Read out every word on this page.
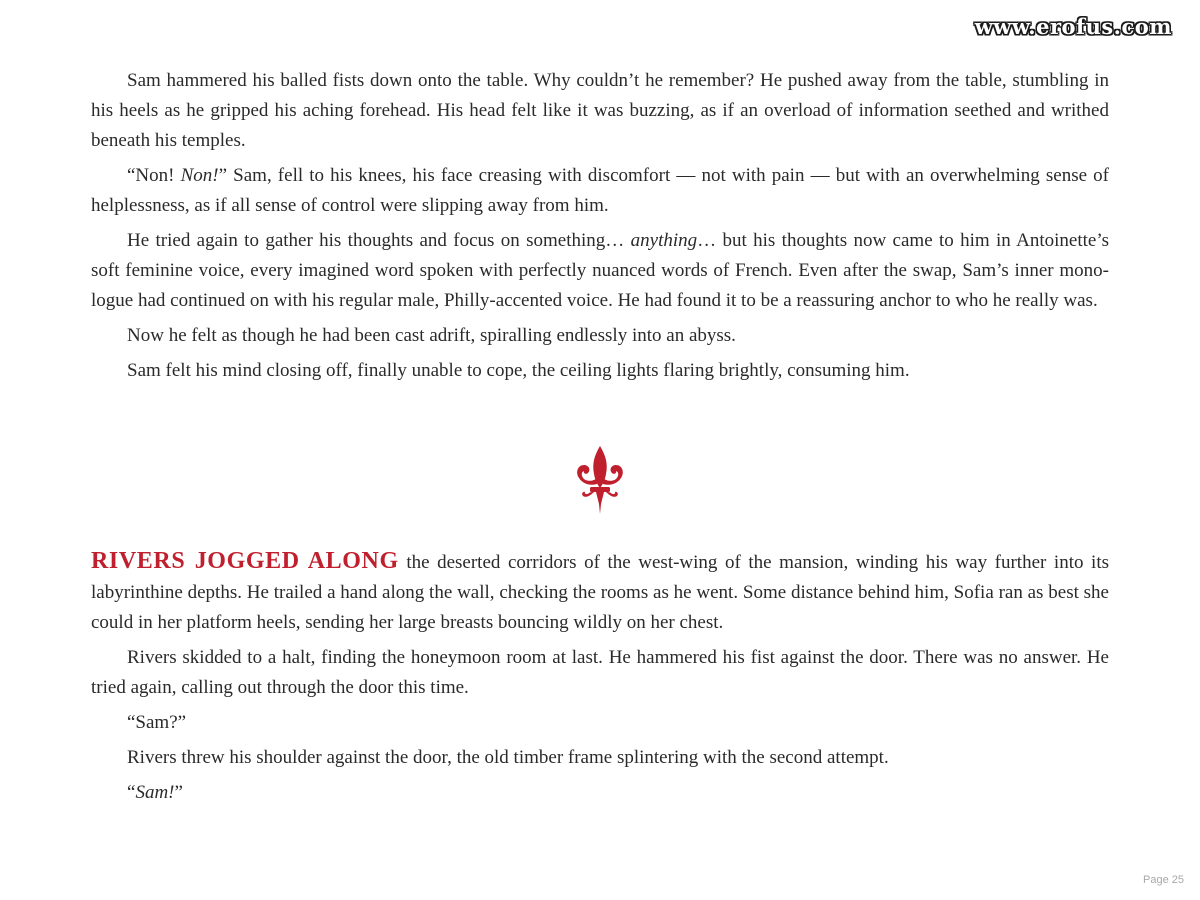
www.erofus.com

Sam hammered his balled fists down onto the table. Why couldn’t he remember? He pushed away from the table, stumbling in his heels as he gripped his aching forehead. His head felt like it was buzzing, as if an overload of information seethed and writhed beneath his temples.

“Non! Non!” Sam, fell to his knees, his face creasing with discomfort — not with pain — but with an overwhelming sense of helplessness, as if all sense of control were slipping away from him.

He tried again to gather his thoughts and focus on something… anything… but his thoughts now came to him in Antoinette’s soft feminine voice, every imagined word spoken with perfectly nuanced words of French. Even after the swap, Sam’s inner monologue had continued on with his regular male, Philly-accented voice. He had found it to be a reassuring anchor to who he really was.

Now he felt as though he had been cast adrift, spiralling endlessly into an abyss.

Sam felt his mind closing off, finally unable to cope, the ceiling lights flaring brightly, consuming him.

RIVERS JOGGED ALONG the deserted corridors of the west-wing of the mansion, winding his way further into its labyrinthine depths. He trailed a hand along the wall, checking the rooms as he went. Some distance behind him, Sofia ran as best she could in her platform heels, sending her large breasts bouncing wildly on her chest.

Rivers skidded to a halt, finding the honeymoon room at last. He hammered his fist against the door. There was no answer. He tried again, calling out through the door this time.

“Sam?”

Rivers threw his shoulder against the door, the old timber frame splintering with the second attempt.

“Sam!”

Page 25
